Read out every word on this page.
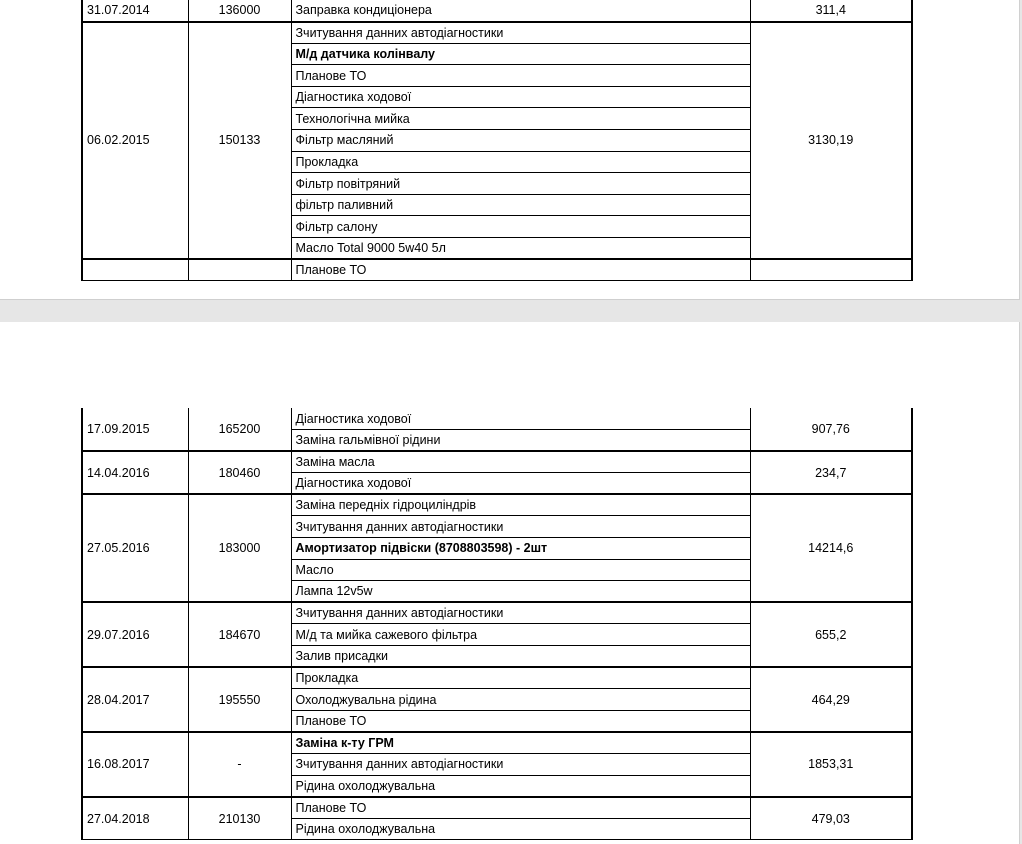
31.07.2014	136000	Заправка кондиціонера	311,4
06.02.2015	150133	Зчитування данних автодіагностики	3130,19
		М/д датчика колінвалу	
		Планове ТО	
		Діагностика ходової	
		Технологічна мийка	
		Фільтр масляний	
		Прокладка	
		Фільтр повітряний	
		фільтр паливний	
		Фільтр салону	
		Масло Total 9000 5w40 5л	
		Планове ТО	
17.09.2015	165200	Діагностика ходової	907,76
		Заміна гальмівної рідини	
14.04.2016	180460	Заміна масла	234,7
		Діагностика ходової	
27.05.2016	183000	Заміна передніх гідроциліндрів	14214,6
		Зчитування данних автодіагностики	
		Амортизатор підвіски (8708803598) - 2шт	
		Масло	
		Лампа 12v5w	
29.07.2016	184670	Зчитування данних автодіагностики	655,2
		М/д та мийка сажевого фільтра	
		Залив присадки	
28.04.2017	195550	Прокладка	464,29
		Охолоджувальна рідина	
		Планове ТО	
16.08.2017	-	Заміна к-ту ГРМ	1853,31
		Зчитування данних автодіагностики	
		Рідина охолоджувальна	
27.04.2018	210130	Планове ТО	479,03
		Рідина охолоджувальна	
